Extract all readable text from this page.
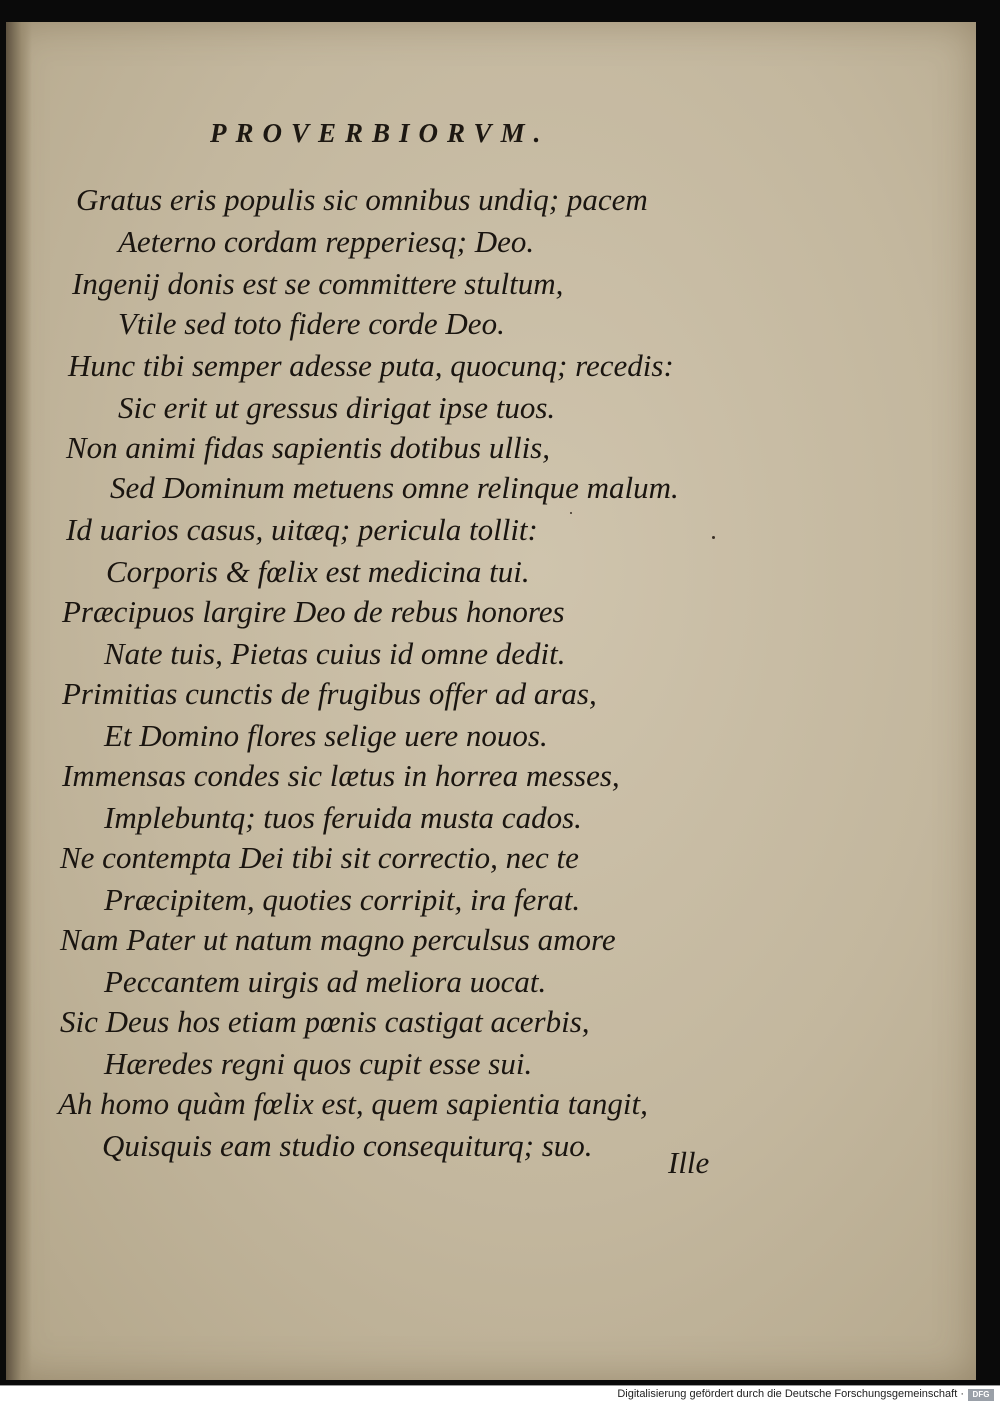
PROVERBIORVM.
Gratus eris populis sic omnibus undiq; pacem
Aeterno cordam repperiesq; Deo.
Ingenij donis est se committere stultum,
Vtile sed toto fidere corde Deo.
Hunc tibi semper adesse puta, quocunq; recedis:
Sic erit ut gressus dirigat ipse tuos.
Non animi fidas sapientis dotibus ullis,
Sed Dominum metuens omne relinque malum.
Id uarios casus, uitæq; pericula tollit:
Corporis & fœlix est medicina tui.
Præcipuos largire Deo de rebus honores
Nate tuis, Pietas cuius id omne dedit.
Primitias cunctis de frugibus offer ad aras,
Et Domino flores selige uere nouos.
Immensas condes sic lætus in horrea messes,
Implebuntq; tuos feruida musta cados.
Ne contempta Dei tibi sit correctio, nec te
Præcipitem, quoties corripit, ira ferat.
Nam Pater ut natum magno perculsus amore
Peccantem uirgis ad meliora uocat.
Sic Deus hos etiam pœnis castigat acerbis,
Hæredes regni quos cupit esse sui.
Ah homo quàm fœlix est, quem sapientia tangit,
Quisquis eam studio consequiturq; suo. Ille
Digitalisierung gefördert durch die Deutsche Forschungsgemeinschaft ·	DFG
